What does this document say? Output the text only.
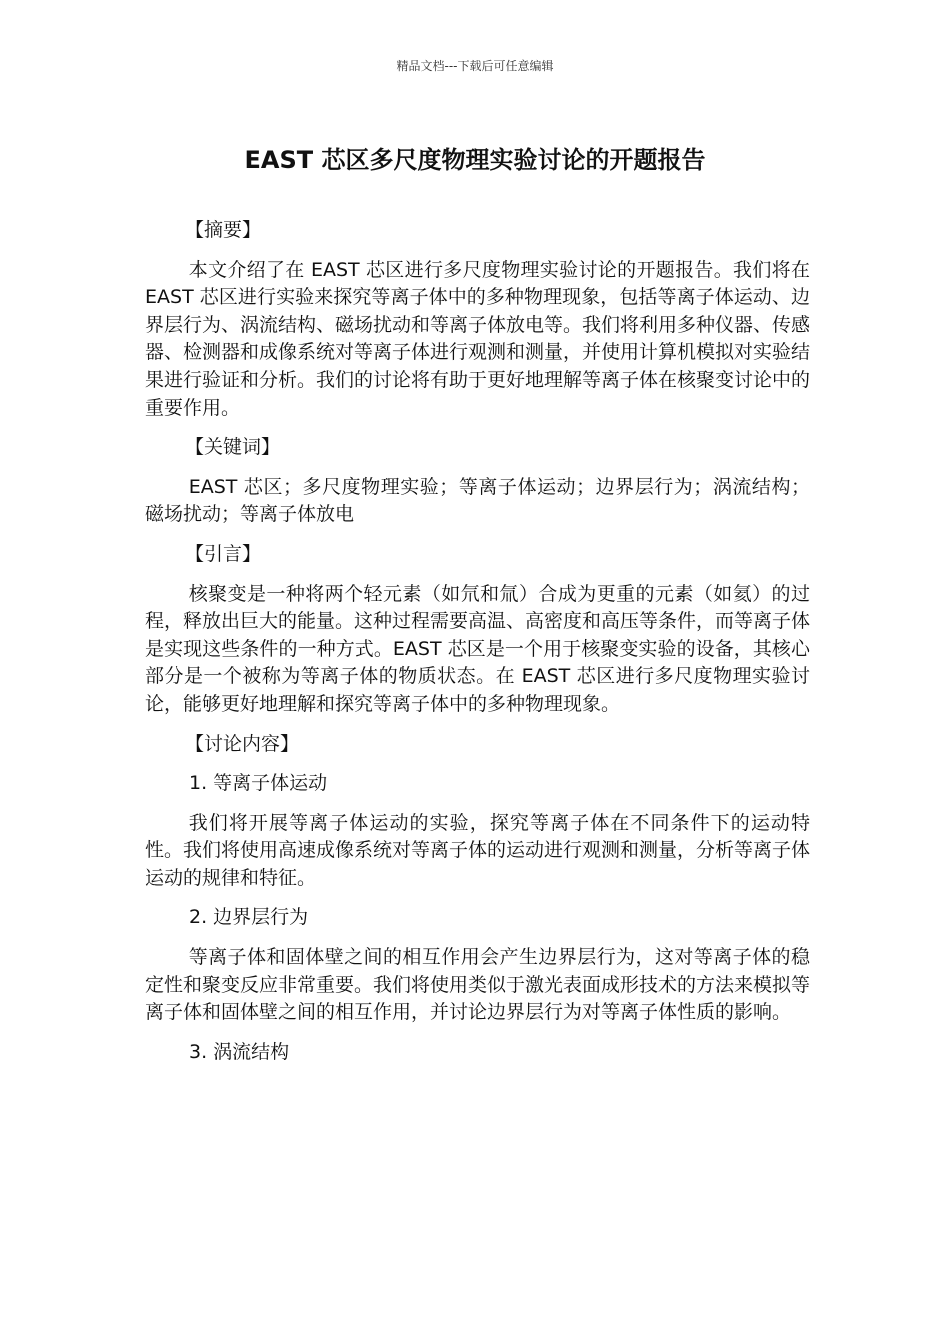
精品文档---下载后可任意编辑
EAST 芯区多尺度物理实验讨论的开题报告
【摘要】

本文介绍了在 EAST 芯区进行多尺度物理实验讨论的开题报告。我们将在 EAST 芯区进行实验来探究等离子体中的多种物理现象，包括等离子体运动、边界层行为、涡流结构、磁场扰动和等离子体放电等。我们将利用多种仪器、传感器、检测器和成像系统对等离子体进行观测和测量，并使用计算机模拟对实验结果进行验证和分析。我们的讨论将有助于更好地理解等离子体在核聚变讨论中的重要作用。

【关键词】

EAST 芯区；多尺度物理实验；等离子体运动；边界层行为；涡流结构；磁场扰动；等离子体放电

【引言】

核聚变是一种将两个轻元素（如氘和氚）合成为更重的元素（如氦）的过程，释放出巨大的能量。这种过程需要高温、高密度和高压等条件，而等离子体是实现这些条件的一种方式。EAST 芯区是一个用于核聚变实验的设备，其核心部分是一个被称为等离子体的物质状态。在 EAST 芯区进行多尺度物理实验讨论，能够更好地理解和探究等离子体中的多种物理现象。

【讨论内容】
1. 等离子体运动

我们将开展等离子体运动的实验，探究等离子体在不同条件下的运动特性。我们将使用高速成像系统对等离子体的运动进行观测和测量，分析等离子体运动的规律和特征。

2. 边界层行为

等离子体和固体壁之间的相互作用会产生边界层行为，这对等离子体的稳定性和聚变反应非常重要。我们将使用类似于激光表面成形技术的方法来模拟等离子体和固体壁之间的相互作用，并讨论边界层行为对等离子体性质的影响。

3. 涡流结构
